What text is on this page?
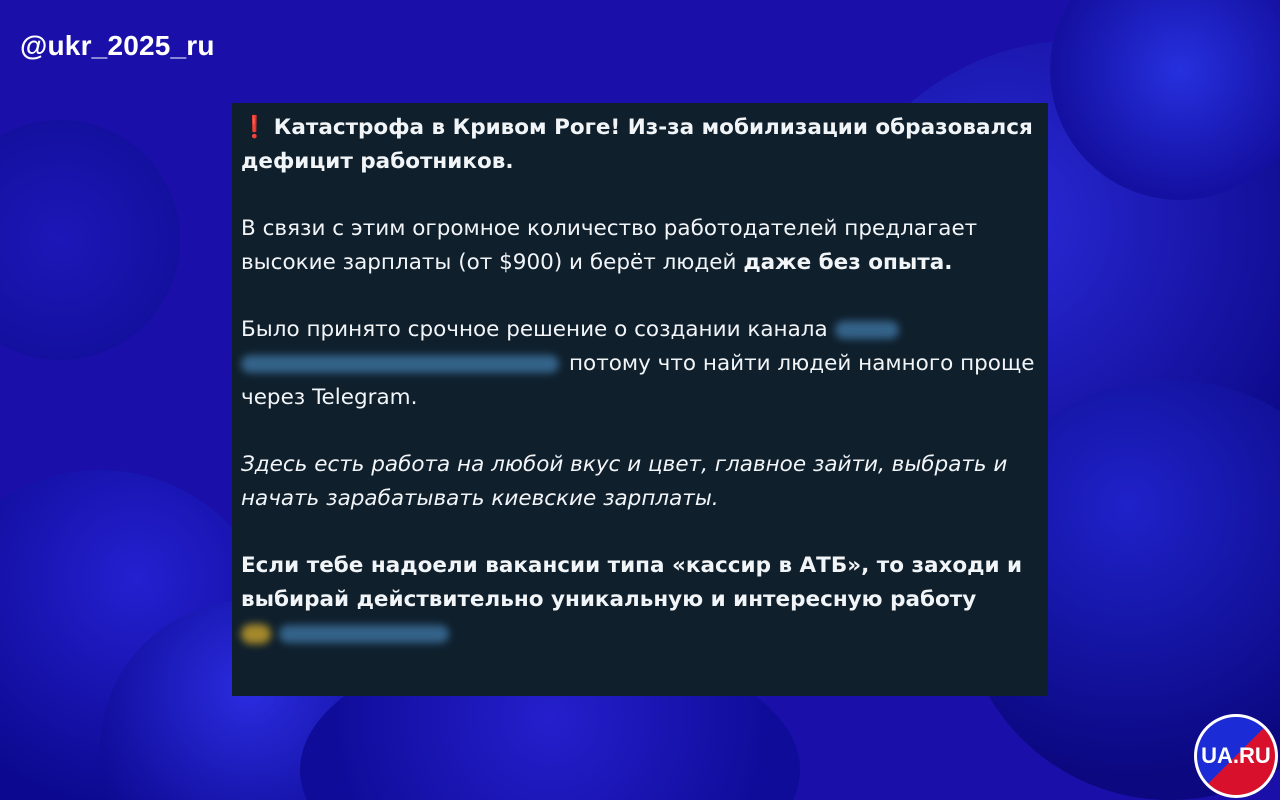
@ukr_2025_ru

❗ Катастрофа в Кривом Роге! Из-за мобилизации образовался дефицит работников.

В связи с этим огромное количество работодателей предлагает высокие зарплаты (от $900) и берёт людей даже без опыта.

Было принято срочное решение о создании канала  потому что найти людей намного проще через Telegram.

Здесь есть работа на любой вкус и цвет, главное зайти, выбрать и начать зарабатывать киевские зарплаты.

Если тебе надоели вакансии типа «кассир в АТБ», то заходи и выбирай действительно уникальную и интересную работу

UA.RU
